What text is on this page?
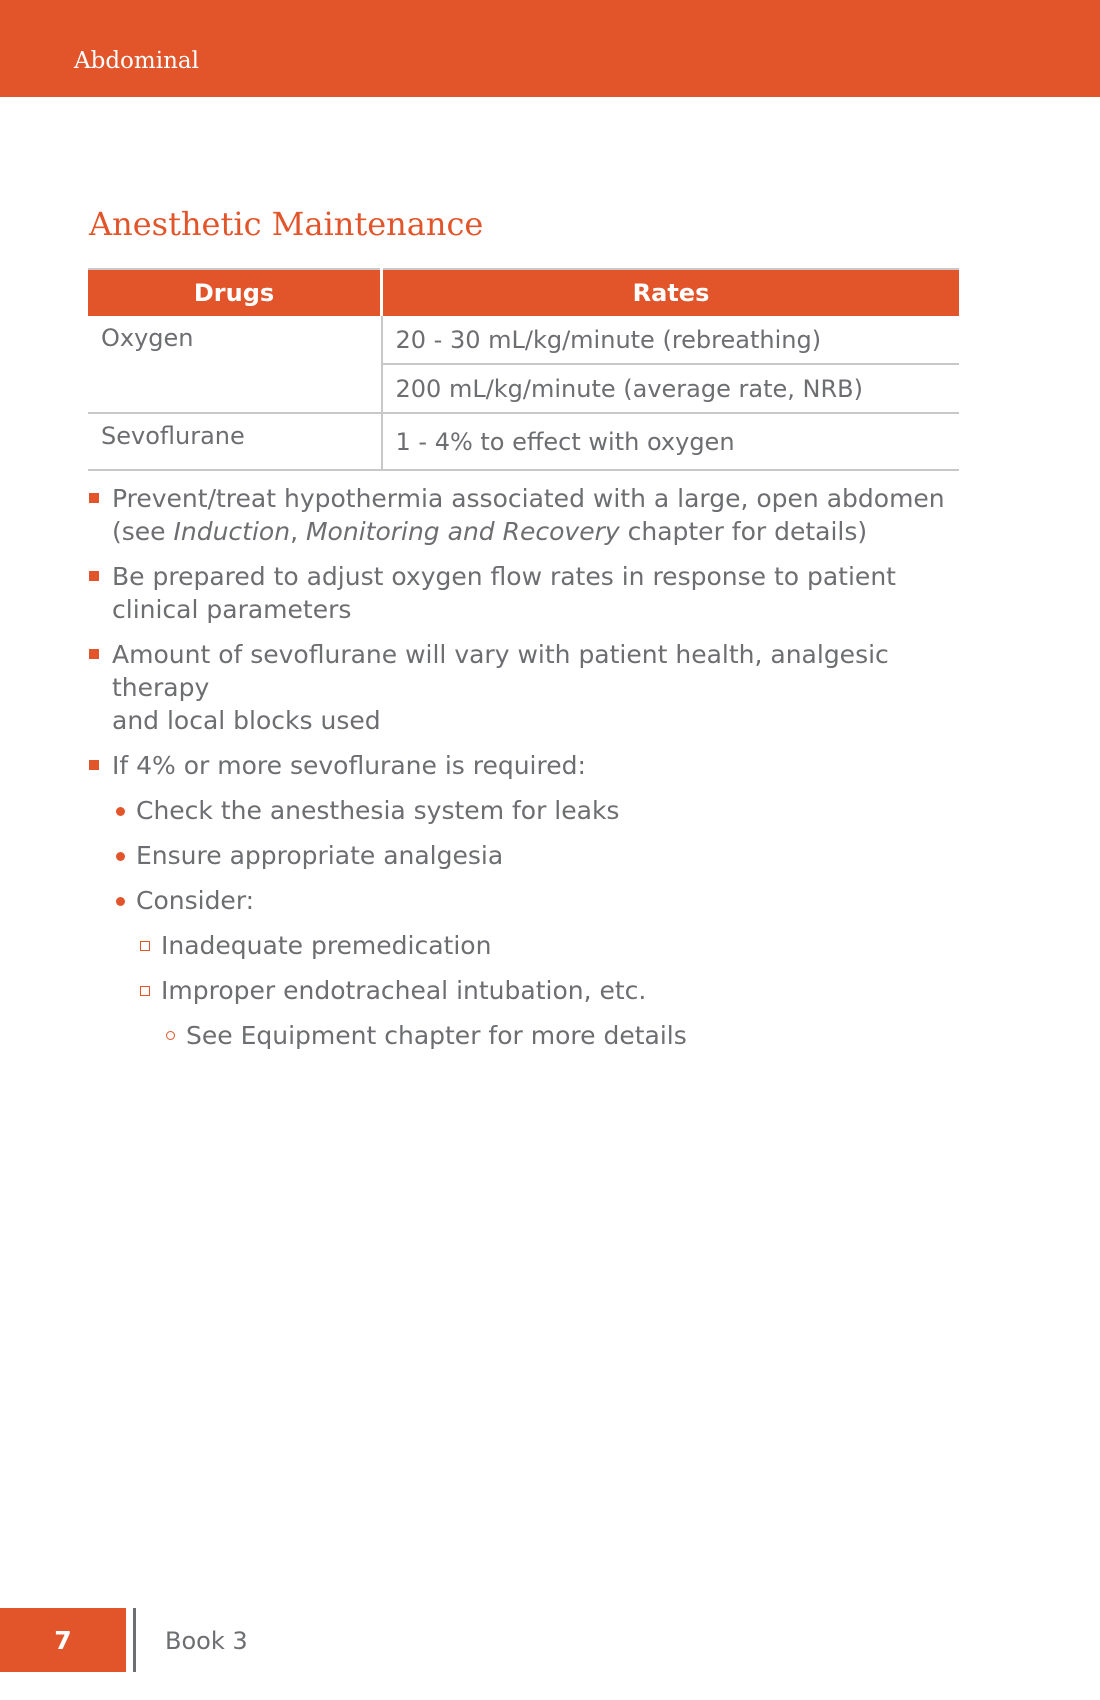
Abdominal
Anesthetic Maintenance
Drugs	Rates
Oxygen	20 - 30 mL/kg/minute (rebreathing)
	200 mL/kg/minute (average rate, NRB)
Sevoflurane	1 - 4% to effect with oxygen
Prevent/treat hypothermia associated with a large, open abdomen
(see Induction, Monitoring and Recovery chapter for details)
Be prepared to adjust oxygen flow rates in response to patient
clinical parameters
Amount of sevoflurane will vary with patient health, analgesic
therapy
and local blocks used
If 4% or more sevoflurane is required:
Check the anesthesia system for leaks
Ensure appropriate analgesia
Consider:
Inadequate premedication
Improper endotracheal intubation, etc.
See Equipment chapter for more details
7	Book 3
